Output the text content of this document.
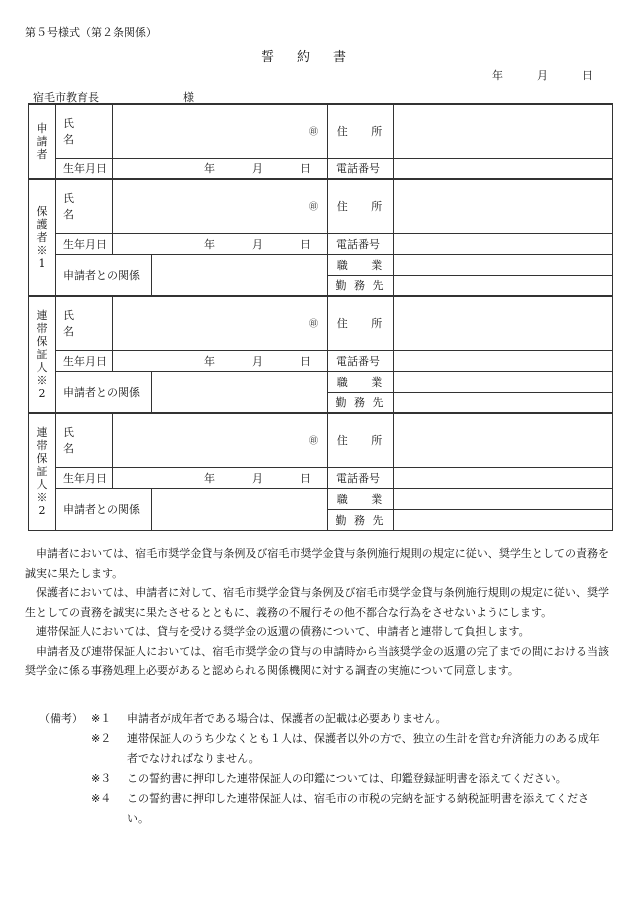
第５号様式（第２条関係）
誓約書
年	月	日
宿毛市教育長	様
申請者	氏 名	㊞		住 所	
	生年月日	年 月 日		電話番号	
保護者※1	氏 名	㊞		住 所	
	生年月日	年 月 日		電話番号	
	申請者との関係			職 業	
				勤 務 先	
連帯保証人※2	氏 名	㊞		住 所	
	生年月日	年 月 日		電話番号	
	申請者との関係			職 業	
				勤 務 先	
連帯保証人※2	氏 名	㊞		住 所	
	生年月日	年 月 日		電話番号	
	申請者との関係			職 業	
				勤 務 先	

申請者においては、宿毛市奨学金貸与条例及び宿毛市奨学金貸与条例施行規則の規定に従い、奨学生としての責務を誠実に果たします。

保護者においては、申請者に対して、宿毛市奨学金貸与条例及び宿毛市奨学金貸与条例施行規則の規定に従い、奨学生としての責務を誠実に果たさせるとともに、義務の不履行その他不都合な行為をさせないようにします。

連帯保証人においては、貸与を受ける奨学金の返還の債務について、申請者と連帯して負担します。

申請者及び連帯保証人においては、宿毛市奨学金の貸与の申請時から当該奨学金の返還の完了までの間における当該奨学金に係る事務処理上必要があると認められる関係機関に対する調査の実施について同意します。

（備考） ※１	申請者が成年者である場合は、保護者の記載は必要ありません。
※２	連帯保証人のうち少なくとも１人は、保護者以外の方で、独立の生計を営む弁済能力のある成年者でなければなりません。
※３	この誓約書に押印した連帯保証人の印鑑については、印鑑登録証明書を添えてください。
※４	この誓約書に押印した連帯保証人は、宿毛市の市税の完納を証する納税証明書を添えてください。
